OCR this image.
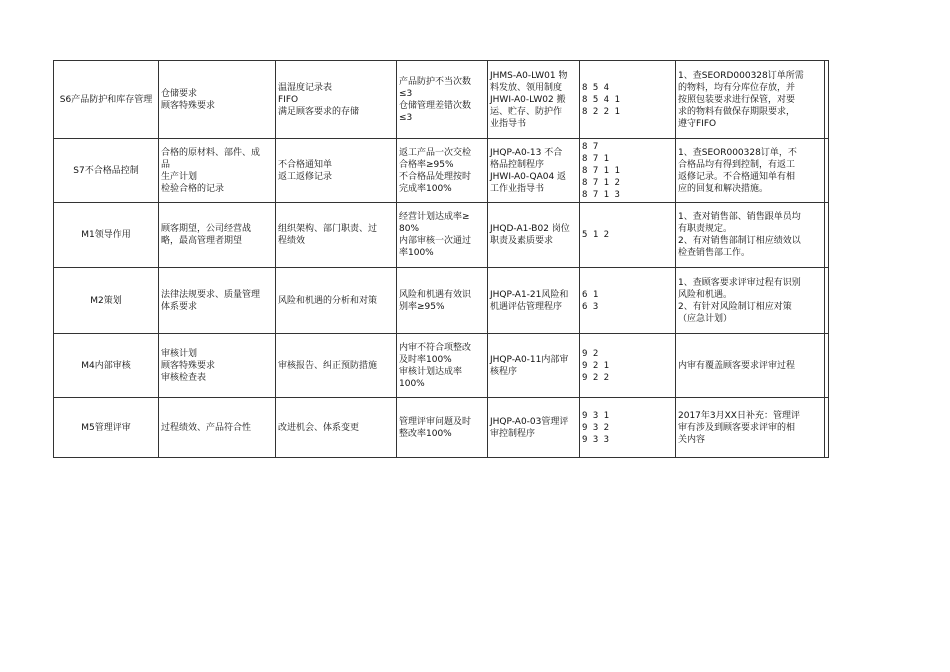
S6产品防护和库存管理	仓储要求
顾客特殊要求	温湿度记录表
FIFO
满足顾客要求的存储	产品防护不当次数
≤3
仓储管理差错次数
≤3	JHMS-A0-LW01 物
料发放、领用制度
JHWI-A0-LW02 搬
运、贮存、防护作
业指导书	8 5 4
8 5 4 1
8 2 2 1	1、查SEORD000328订单所需
的物料，均有分库位存放，并
按照包装要求进行保管，对要
求的物料有做保存期限要求，
遵守FIFO	

S7不合格品控制	合格的原材料、部件、成
品
生产计划
检验合格的记录	不合格通知单
返工返修记录	返工产品一次交检
合格率≥95%
不合格品处理按时
完成率100%	JHQP-A0-13 不合
格品控制程序
JHWI-A0-QA04 返
工作业指导书	8 7
8 7 1
8 7 1 1
8 7 1 2
8 7 1 3	1、查SEOR000328订单，不
合格品均有得到控制，有返工
返修记录。不合格通知单有相
应的回复和解决措施。	

M1领导作用	顾客期望，公司经营战
略，最高管理者期望	组织架构、部门职责、过
程绩效	经营计划达成率≥
80%
内部审核一次通过
率100%	JHQD-A1-B02 岗位
职责及素质要求	5 1 2	1、查对销售部、销售跟单员均
有职责规定。
2、有对销售部制订相应绩效以
检查销售部工作。	

M2策划	法律法规要求、质量管理
体系要求	风险和机遇的分析和对策	风险和机遇有效识
别率≥95%	JHQP-A1-21风险和
机遇评估管理程序	6 1
6 3	1、查顾客要求评审过程有识别
风险和机遇。
2、有针对风险制订相应对策
（应急计划）	

M4内部审核	审核计划
顾客特殊要求
审核检查表	审核报告、纠正预防措施	内审不符合项整改
及时率100%
审核计划达成率
100%	JHQP-A0-11内部审
核程序	9 2
9 2 1
9 2 2	内审有覆盖顾客要求评审过程	

M5管理评审	过程绩效、产品符合性	改进机会、体系变更	管理评审问题及时
整改率100%	JHQP-A0-03管理评
审控制程序	9 3 1
9 3 2
9 3 3	2017年3月XX日补充：管理评
审有涉及到顾客要求评审的相
关内容	
